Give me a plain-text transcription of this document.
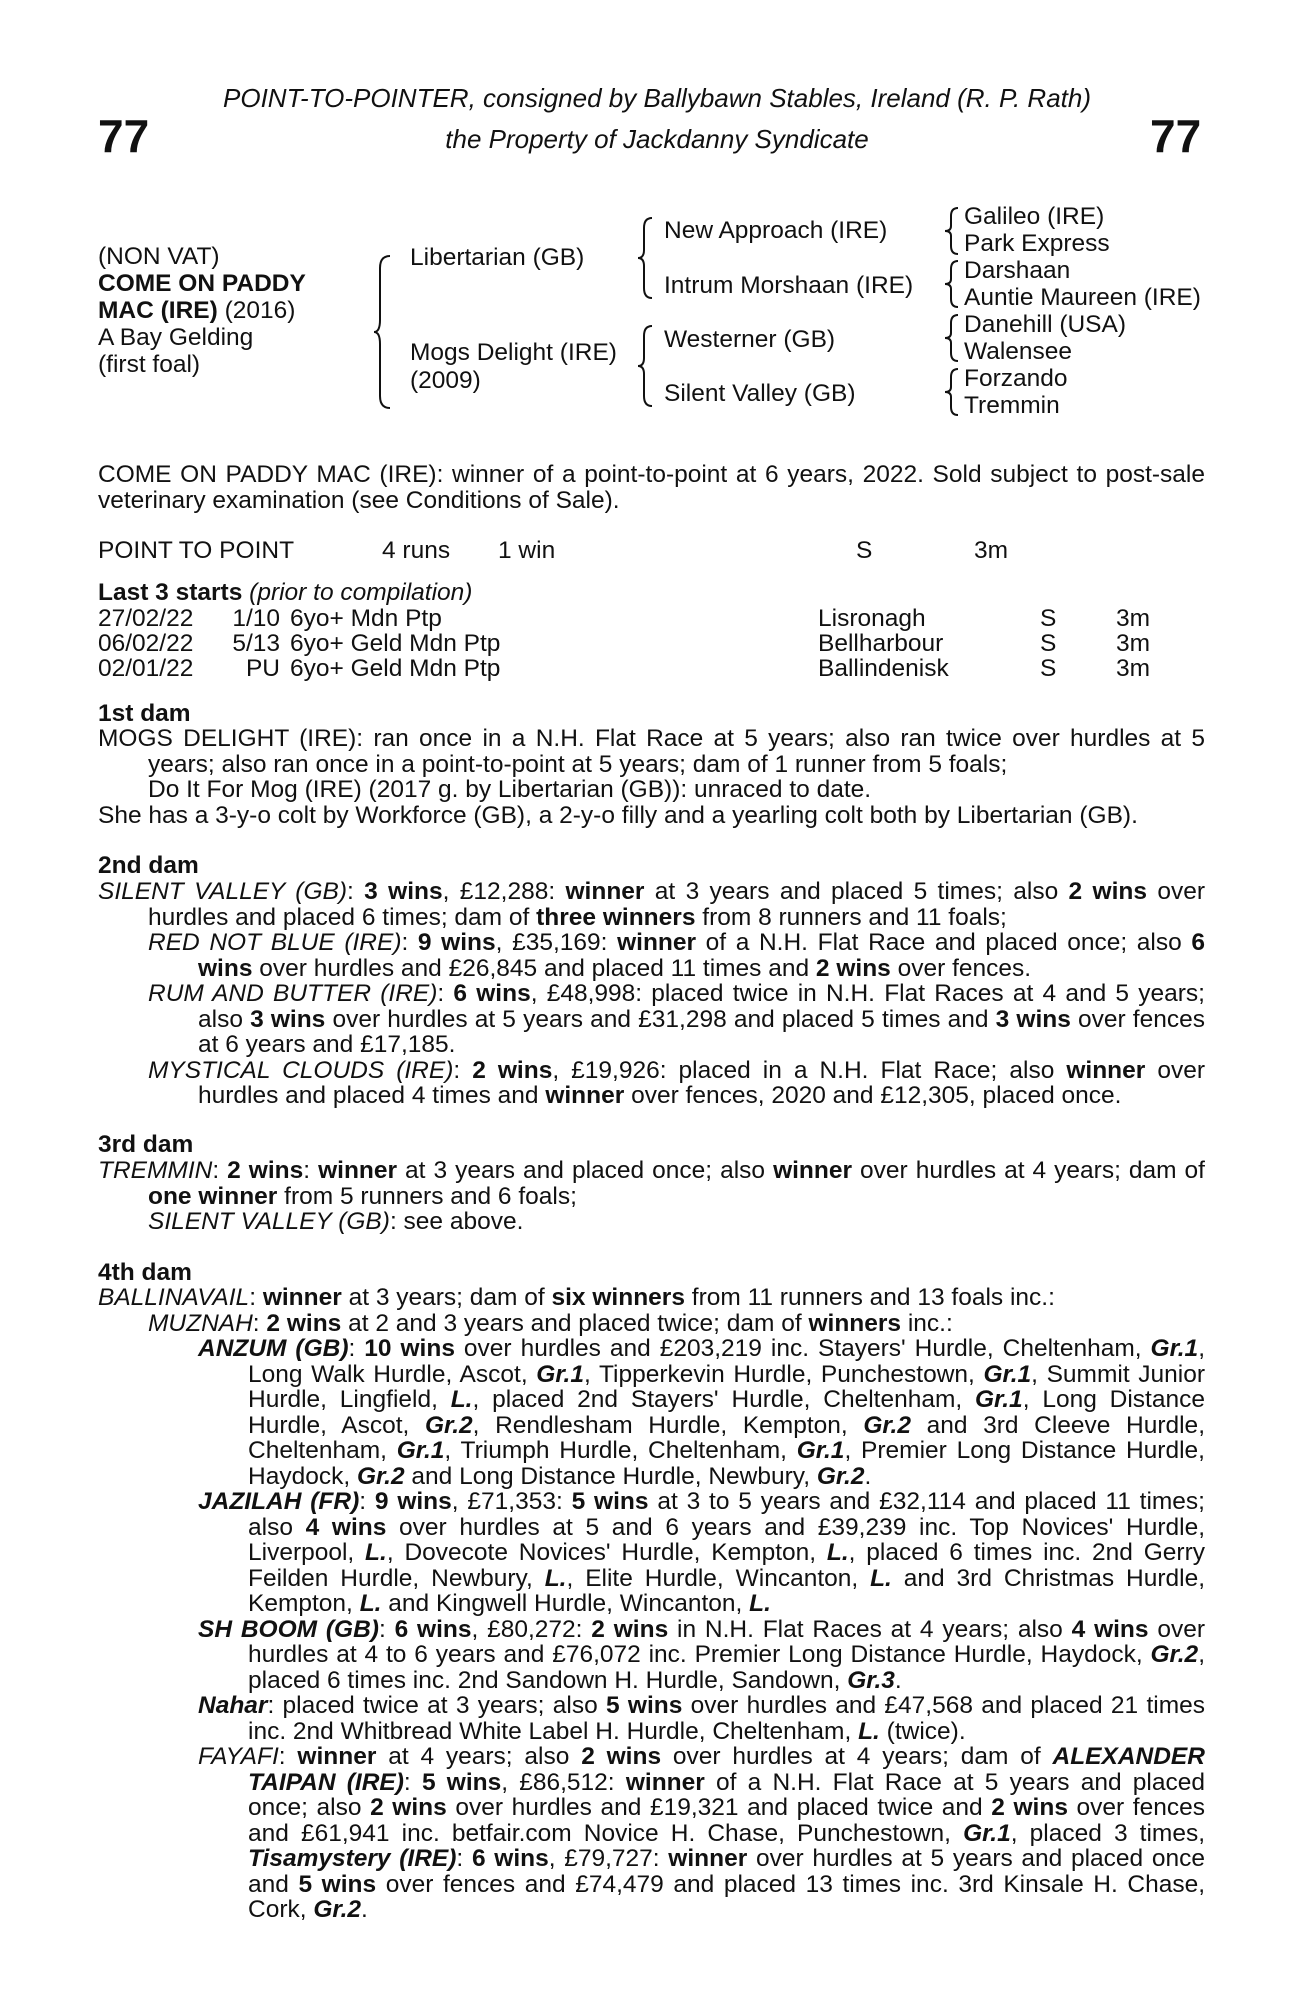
77	77
POINT-TO-POINTER, consigned by Ballybawn Stables, Ireland (R. P. Rath)
the Property of Jackdanny Syndicate
(NON VAT)
COME ON PADDY
MAC (IRE) (2016)
A Bay Gelding
(first foal)
Libertarian (GB)
Mogs Delight (IRE)
(2009)
New Approach (IRE)
Intrum Morshaan (IRE)
Westerner (GB)
Silent Valley (GB)
Galileo (IRE)
Park Express
Darshaan
Auntie Maureen (IRE)
Danehill (USA)
Walensee
Forzando
Tremmin
COME ON PADDY MAC (IRE): winner of a point-to-point at 6 years, 2022. Sold subject to post-sale veterinary examination (see Conditions of Sale).
POINT TO POINT	4 runs 1 win	S	3m
Last 3 starts (prior to compilation)
27/02/22	1/10 6yo+ Mdn Ptp	Lisronagh	S 3m
06/02/22	5/13 6yo+ Geld Mdn Ptp	Bellharbour	S 3m
02/01/22	PU 6yo+ Geld Mdn Ptp	Ballindenisk	S 3m
1st dam

MOGS DELIGHT (IRE): ran once in a N.H. Flat Race at 5 years; also ran twice over hurdles at 5 years; also ran once in a point-to-point at 5 years; dam of 1 runner from 5 foals;

Do It For Mog (IRE) (2017 g. by Libertarian (GB)): unraced to date.

She has a 3-y-o colt by Workforce (GB), a 2-y-o filly and a yearling colt both by Libertarian (GB).

2nd dam

SILENT VALLEY (GB): 3 wins, £12,288: winner at 3 years and placed 5 times; also 2 wins over hurdles and placed 6 times; dam of three winners from 8 runners and 11 foals;

RED NOT BLUE (IRE): 9 wins, £35,169: winner of a N.H. Flat Race and placed once; also 6 wins over hurdles and £26,845 and placed 11 times and 2 wins over fences.

RUM AND BUTTER (IRE): 6 wins, £48,998: placed twice in N.H. Flat Races at 4 and 5 years; also 3 wins over hurdles at 5 years and £31,298 and placed 5 times and 3 wins over fences at 6 years and £17,185.

MYSTICAL CLOUDS (IRE): 2 wins, £19,926: placed in a N.H. Flat Race; also winner over hurdles and placed 4 times and winner over fences, 2020 and £12,305, placed once.

3rd dam

TREMMIN: 2 wins: winner at 3 years and placed once; also winner over hurdles at 4 years; dam of one winner from 5 runners and 6 foals;

SILENT VALLEY (GB): see above.

4th dam

BALLINAVAIL: winner at 3 years; dam of six winners from 11 runners and 13 foals inc.:

MUZNAH: 2 wins at 2 and 3 years and placed twice; dam of winners inc.:

ANZUM (GB): 10 wins over hurdles and £203,219 inc. Stayers' Hurdle, Cheltenham, Gr.1, Long Walk Hurdle, Ascot, Gr.1, Tipperkevin Hurdle, Punchestown, Gr.1, Summit Junior Hurdle, Lingfield, L., placed 2nd Stayers' Hurdle, Cheltenham, Gr.1, Long Distance Hurdle, Ascot, Gr.2, Rendlesham Hurdle, Kempton, Gr.2 and 3rd Cleeve Hurdle, Cheltenham, Gr.1, Triumph Hurdle, Cheltenham, Gr.1, Premier Long Distance Hurdle, Haydock, Gr.2 and Long Distance Hurdle, Newbury, Gr.2.

JAZILAH (FR): 9 wins, £71,353: 5 wins at 3 to 5 years and £32,114 and placed 11 times; also 4 wins over hurdles at 5 and 6 years and £39,239 inc. Top Novices' Hurdle, Liverpool, L., Dovecote Novices' Hurdle, Kempton, L., placed 6 times inc. 2nd Gerry Feilden Hurdle, Newbury, L., Elite Hurdle, Wincanton, L. and 3rd Christmas Hurdle, Kempton, L. and Kingwell Hurdle, Wincanton, L.

SH BOOM (GB): 6 wins, £80,272: 2 wins in N.H. Flat Races at 4 years; also 4 wins over hurdles at 4 to 6 years and £76,072 inc. Premier Long Distance Hurdle, Haydock, Gr.2, placed 6 times inc. 2nd Sandown H. Hurdle, Sandown, Gr.3.

Nahar: placed twice at 3 years; also 5 wins over hurdles and £47,568 and placed 21 times inc. 2nd Whitbread White Label H. Hurdle, Cheltenham, L. (twice).

FAYAFI: winner at 4 years; also 2 wins over hurdles at 4 years; dam of ALEXANDER TAIPAN (IRE): 5 wins, £86,512: winner of a N.H. Flat Race at 5 years and placed once; also 2 wins over hurdles and £19,321 and placed twice and 2 wins over fences and £61,941 inc. betfair.com Novice H. Chase, Punchestown, Gr.1, placed 3 times, Tisamystery (IRE): 6 wins, £79,727: winner over hurdles at 5 years and placed once and 5 wins over fences and £74,479 and placed 13 times inc. 3rd Kinsale H. Chase, Cork, Gr.2.
